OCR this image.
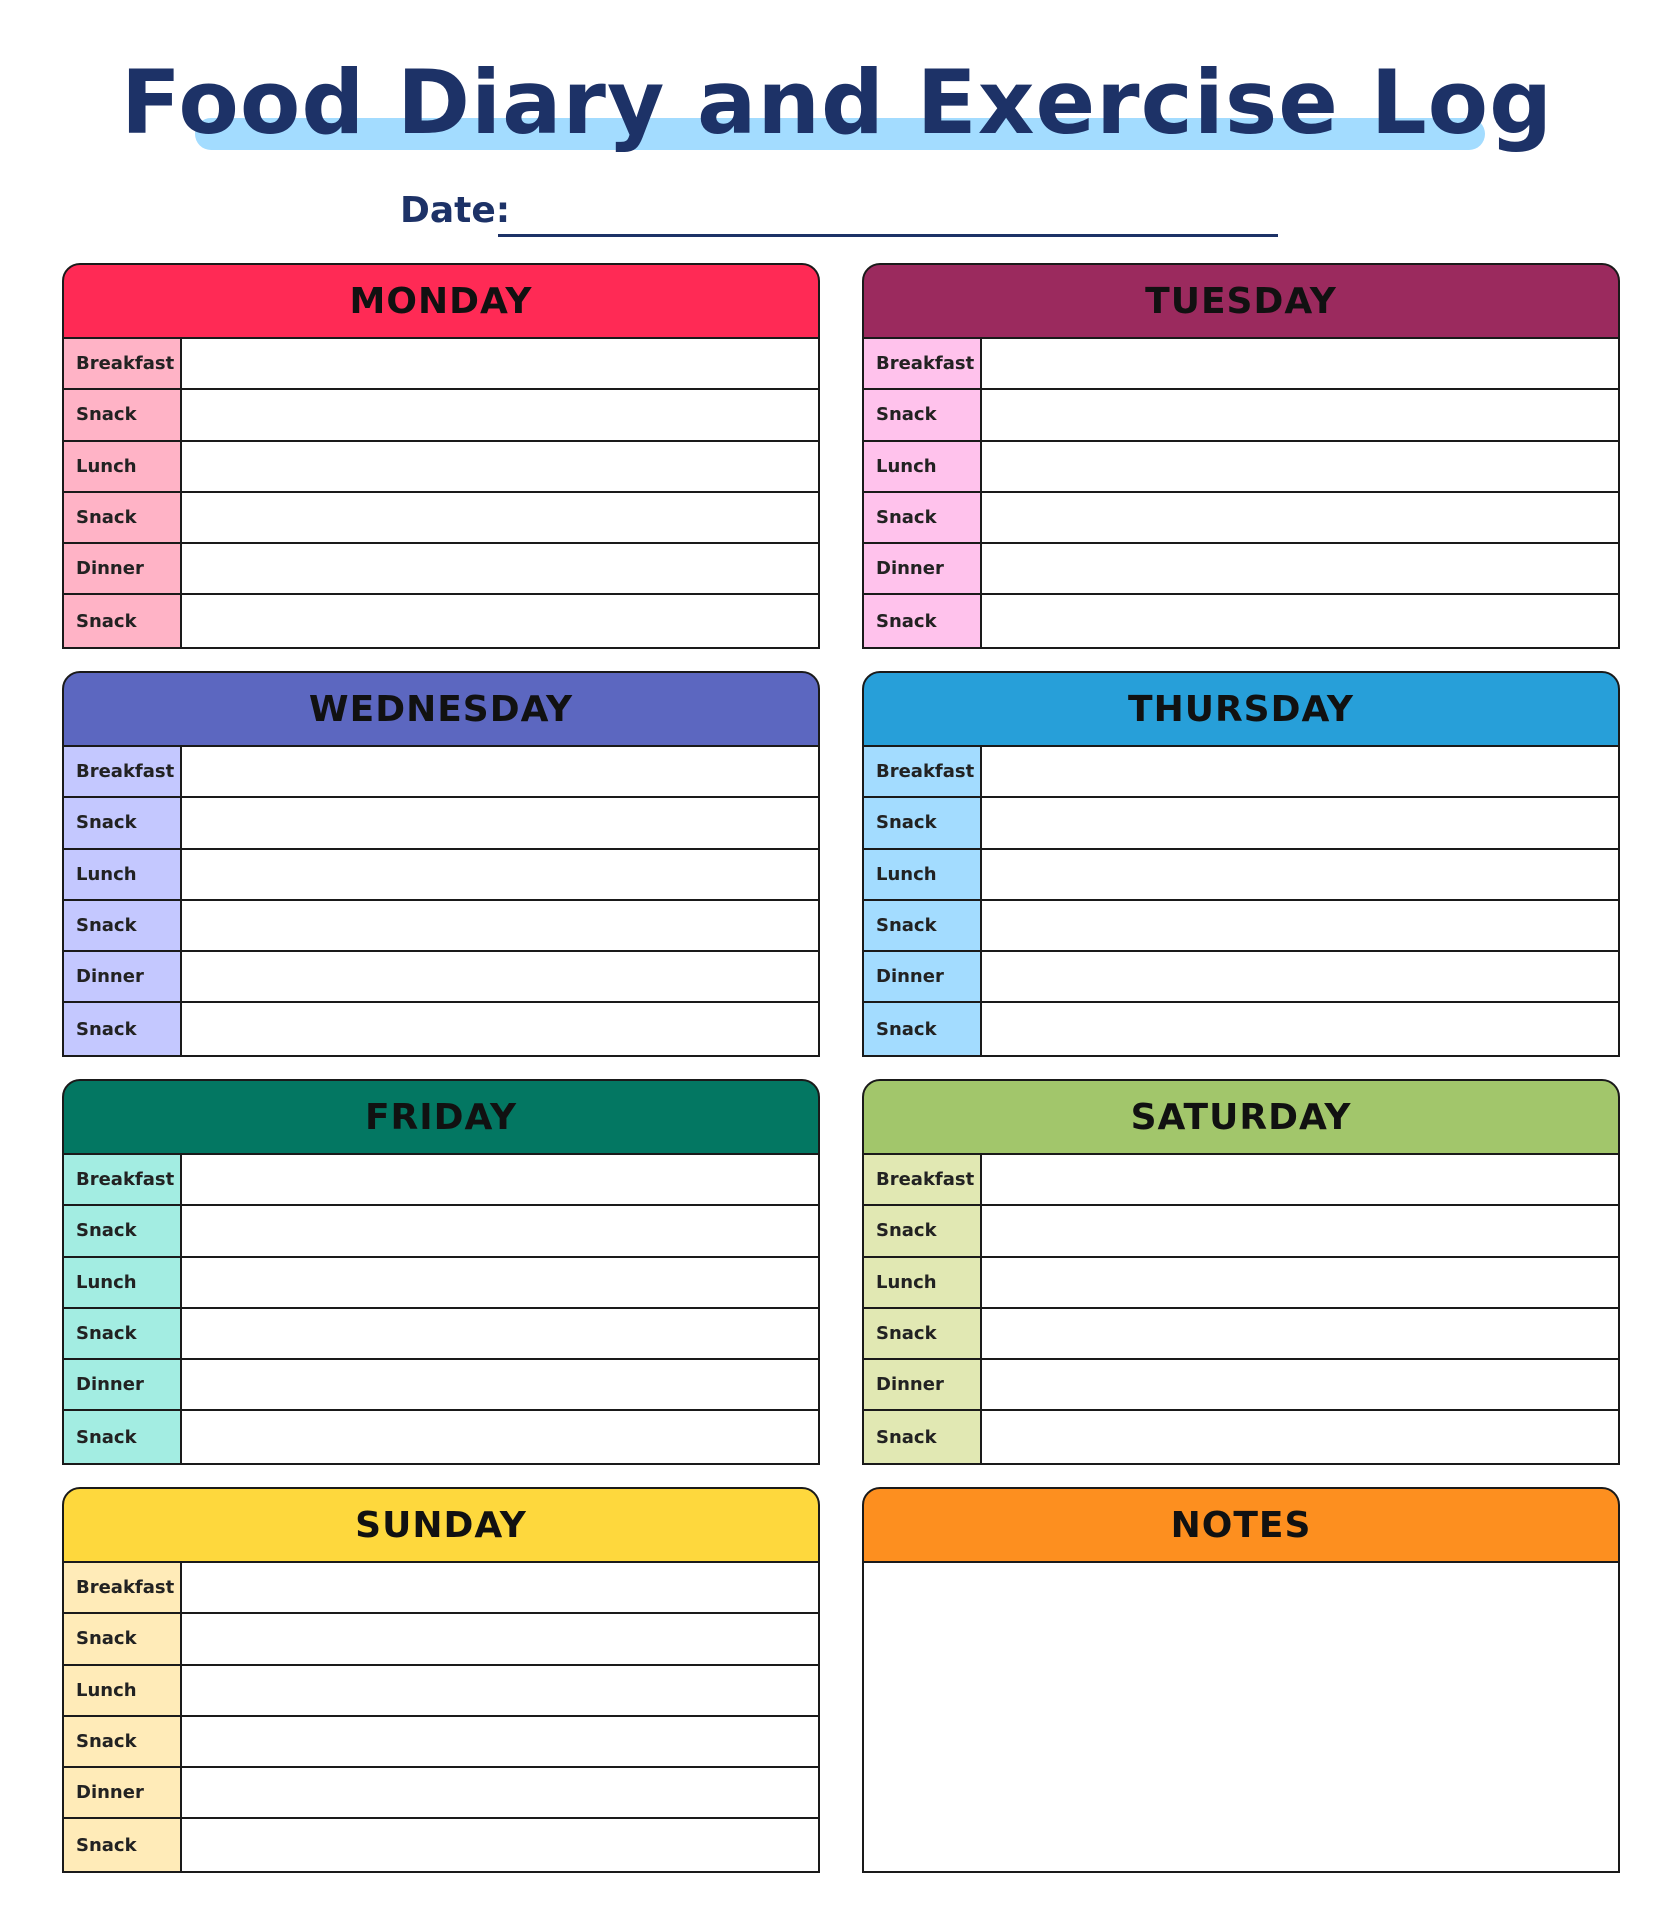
Food Diary and Exercise Log
Date:
MONDAY
Breakfast
Snack
Lunch
Snack
Dinner
Snack
TUESDAY
Breakfast
Snack
Lunch
Snack
Dinner
Snack
WEDNESDAY
Breakfast
Snack
Lunch
Snack
Dinner
Snack
THURSDAY
Breakfast
Snack
Lunch
Snack
Dinner
Snack
FRIDAY
Breakfast
Snack
Lunch
Snack
Dinner
Snack
SATURDAY
Breakfast
Snack
Lunch
Snack
Dinner
Snack
SUNDAY
Breakfast
Snack
Lunch
Snack
Dinner
Snack
NOTES
